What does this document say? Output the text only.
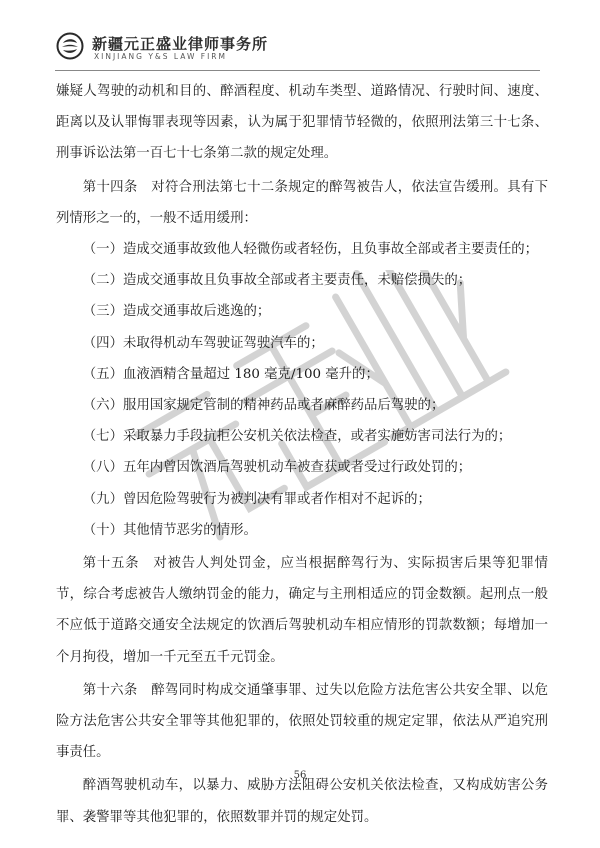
新疆元正盛业律师事务所
XINJIANG Y&S LAW FIRM

嫌疑人驾驶的动机和目的、醉酒程度、机动车类型、道路情况、行驶时间、速度、距离以及认罪悔罪表现等因素，认为属于犯罪情节轻微的，依照刑法第三十七条、刑事诉讼法第一百七十七条第二款的规定处理。

第十四条　对符合刑法第七十二条规定的醉驾被告人，依法宣告缓刑。具有下列情形之一的，一般不适用缓刑：

（一）造成交通事故致他人轻微伤或者轻伤，且负事故全部或者主要责任的；

（二）造成交通事故且负事故全部或者主要责任，未赔偿损失的；

（三）造成交通事故后逃逸的；

（四）未取得机动车驾驶证驾驶汽车的；

（五）血液酒精含量超过 180 毫克/100 毫升的；

（六）服用国家规定管制的精神药品或者麻醉药品后驾驶的；

（七）采取暴力手段抗拒公安机关依法检查，或者实施妨害司法行为的；

（八）五年内曾因饮酒后驾驶机动车被查获或者受过行政处罚的；

（九）曾因危险驾驶行为被判决有罪或者作相对不起诉的；

（十）其他情节恶劣的情形。

第十五条　对被告人判处罚金，应当根据醉驾行为、实际损害后果等犯罪情节，综合考虑被告人缴纳罚金的能力，确定与主刑相适应的罚金数额。起刑点一般不应低于道路交通安全法规定的饮酒后驾驶机动车相应情形的罚款数额；每增加一个月拘役，增加一千元至五千元罚金。

第十六条　醉驾同时构成交通肇事罪、过失以危险方法危害公共安全罪、以危险方法危害公共安全罪等其他犯罪的，依照处罚较重的规定定罪，依法从严追究刑事责任。

醉酒驾驶机动车，以暴力、威胁方法阻碍公安机关依法检查，又构成妨害公务罪、袭警罪等其他犯罪的，依照数罪并罚的规定处罚。

56
